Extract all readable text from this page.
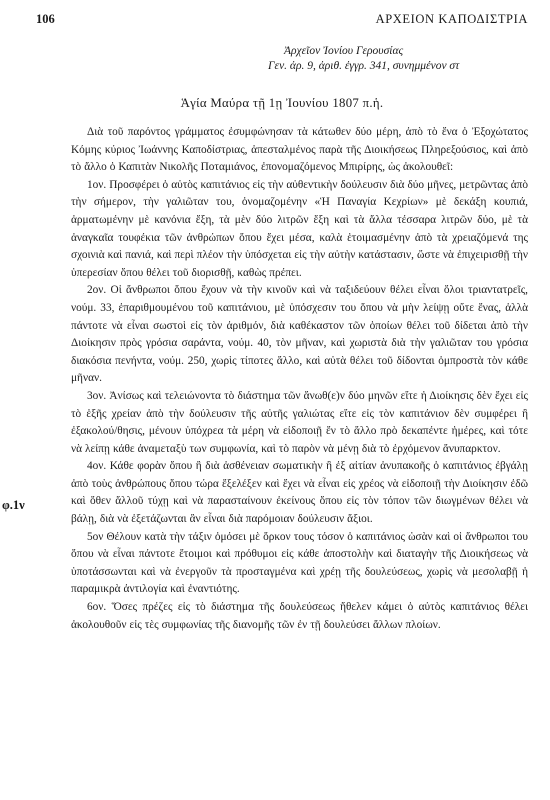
106	ΑΡΧΕΙΟΝ ΚΑΠΟΔΙΣΤΡΙΑ
Ἀρχεῖον Ἰονίου Γερουσίας
Γεν. ἀρ. 9, ἀριθ. ἐγγρ. 341, συνημμένον στ
Ἁγία Μαύρα τῇ 1ῃ Ἰουνίου 1807 π.ἡ.
φ.1ν

Διὰ τοῦ παρόντος γράμματος ἐσυμφώνησαν τὰ κάτωθεν δύο μέρη, ἀπὸ τὸ ἕνα ὁ Ἐξοχώτατος Κόμης κύριος Ἰωάννης Καποδίστριας, ἀπεσταλμένος παρὰ τῆς Διοικήσεως Πληρεξούσιος, καὶ ἀπὸ τὸ ἄλλο ὁ Καπιτὰν Νικολῆς Ποταμιάνος, ἐπονομαζόμενος Μπιρίρης, ὡς ἀκολουθεῖ:

1ον. Προσφέρει ὁ αὐτὸς καπιτάνιος εἰς τὴν αὐθεντικὴν δούλευσιν διὰ δύο μῆνες, μετρῶντας ἀπὸ τὴν σήμερον, τὴν γαλιῶταν του, ὀνομαζομένην «Ἡ Παναγία Κεχρίων» μὲ δεκάξη κουπιά, ἀρματωμένην μὲ κανόνια ἕξη, τὰ μὲν δύο λιτρῶν ἕξη καὶ τὰ ἄλλα τέσσαρα λιτρῶν δύο, μὲ τὰ ἀναγκαῖα τουφέκια τῶν ἀνθρώπων ὅπου ἔχει μέσα, καλὰ ἑτοιμασμένην ἀπὸ τὰ χρειαζόμενά της σχοινιὰ καὶ πανιά, καὶ περὶ πλέον τὴν ὑπόσχεται εἰς τὴν αὐτὴν κατάστασιν, ὥστε νὰ ἐπιχειρισθῇ τὴν ὑπερεσίαν ὅπου θέλει τοῦ διορισθῇ, καθὼς πρέπει.

2ον. Οἱ ἄνθρωποι ὅπου ἔχουν νὰ τὴν κινοῦν καὶ νὰ ταξιδεύουν θέλει εἶναι ὅλοι τριαντατρεῖς, νούμ. 33, ἐπαριθμουμένου τοῦ καπιτάνιου, μὲ ὑπόσχεσιν του ὅπου νὰ μὴν λείψῃ οὔτε ἕνας, ἀλλὰ πάντοτε νὰ εἶναι σωστοὶ εἰς τὸν ἀριθμόν, διὰ καθέκαστον τῶν ὁποίων θέλει τοῦ δίδεται ἀπὸ τὴν Διοίκησιν πρὸς γρόσια σαράντα, νούμ. 40, τὸν μῆναν, καὶ χωριστὰ διὰ τὴν γαλιῶταν του γρόσια διακόσια πενήντα, νούμ. 250, χωρὶς τίποτες ἄλλο, καὶ αὐτὰ θέλει τοῦ δίδονται ὀμπροστὰ τὸν κάθε μῆναν.

3ον. Ἀνίσως καὶ τελειώνοντα τὸ διάστημα τῶν ἄνωθ(ε)ν δύο μηνῶν εἴτε ἡ Διοίκησις δὲν ἔχει εἰς τὸ ἑξῆς χρείαν ἀπὸ τὴν δούλευσιν τῆς αὐτῆς γαλιώτας εἴτε εἰς τὸν καπιτάνιον δὲν συμφέρει ἢ ἐξακολού/θησις, μένουν ὑπόχρεα τὰ μέρη νὰ εἰδοποιῇ ἕν τὸ ἄλλο πρὸ δεκαπέντε ἡμέρες, καὶ τότε νὰ λείπῃ κάθε ἀναμεταξὺ των συμφωνία, καὶ τὸ παρὸν νὰ μένῃ διὰ τὸ ἐρχόμενον ἄνυπαρκτον.

4ον. Κάθε φορὰν ὅπου ἢ διὰ ἀσθένειαν σωματικὴν ἢ ἐξ αἰτίαν ἀνυπακοῆς ὁ καπιτάνιος ἐβγάλῃ ἀπὸ τοὺς ἀνθρώπους ὅπου τώρα ἔξελέξεν καὶ ἔχει νὰ εἶναι εἰς χρέος νὰ εἰδοποιῇ τὴν Διοίκησιν ἐδῶ καὶ ὅθεν ἄλλοῦ τύχῃ καὶ νὰ παρασταίνουν ἐκείνους ὅπου εἰς τὸν τόπον τῶν διωγμένων θέλει νὰ βάλῃ, διὰ νὰ ἐξετάζωνται ἂν εἶναι διὰ παρόμοιαν δούλευσιν ἄξιοι.

5ον Θέλουν κατὰ τὴν τάξιν ὀμόσει μὲ ὅρκον τους τόσον ὁ καπιτάνιος ὡσὰν καὶ οἱ ἄνθρωποι του ὅπου νὰ εἶναι πάντοτε ἕτοιμοι καὶ πρόθυμοι εἰς κάθε ἀποστολὴν καὶ διαταγὴν τῆς Διοικήσεως νὰ ὑποτάσσωνται καὶ νὰ ἐνεργοῦν τὰ προσταγμένα καὶ χρέῃ τῆς δουλεύσεως, χωρὶς νὰ μεσολαβῇ ἡ παραμικρὰ ἀντιλογία καὶ ἐναντιότης.

6ον. Ὅσες πρέζες εἰς τὸ διάστημα τῆς δουλεύσεως ἤθελεν κάμει ὁ αὐτὸς καπιτάνιος θέλει ἀκολουθοῦν εἰς τὲς συμφωνίας τῆς διανομῆς τῶν ἐν τῇ δουλεύσει ἄλλων πλοίων.
